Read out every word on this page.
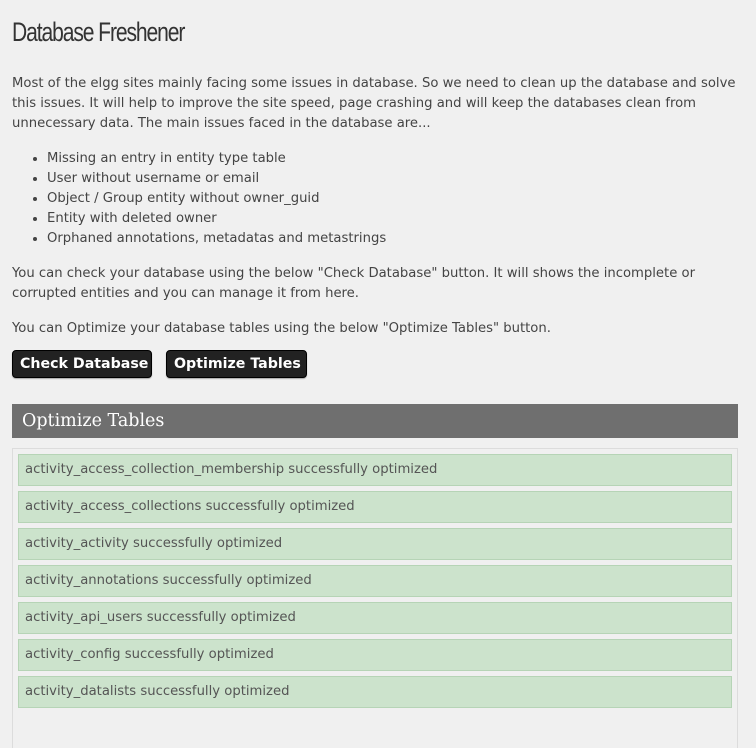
Database Freshener

Most of the elgg sites mainly facing some issues in database. So we need to clean up the database and solve this issues. It will help to improve the site speed, page crashing and will keep the databases clean from unnecessary data. The main issues faced in the database are...

• Missing an entry in entity type table
• User without username or email
• Object / Group entity without owner_guid
• Entity with deleted owner
• Orphaned annotations, metadatas and metastrings

You can check your database using the below "Check Database" button. It will shows the incomplete or corrupted entities and you can manage it from here.

You can Optimize your database tables using the below "Optimize Tables" button.

Check Database	Optimize Tables
Optimize Tables
activity_access_collection_membership successfully optimized
activity_access_collections successfully optimized
activity_activity successfully optimized
activity_annotations successfully optimized
activity_api_users successfully optimized
activity_config successfully optimized
activity_datalists successfully optimized
